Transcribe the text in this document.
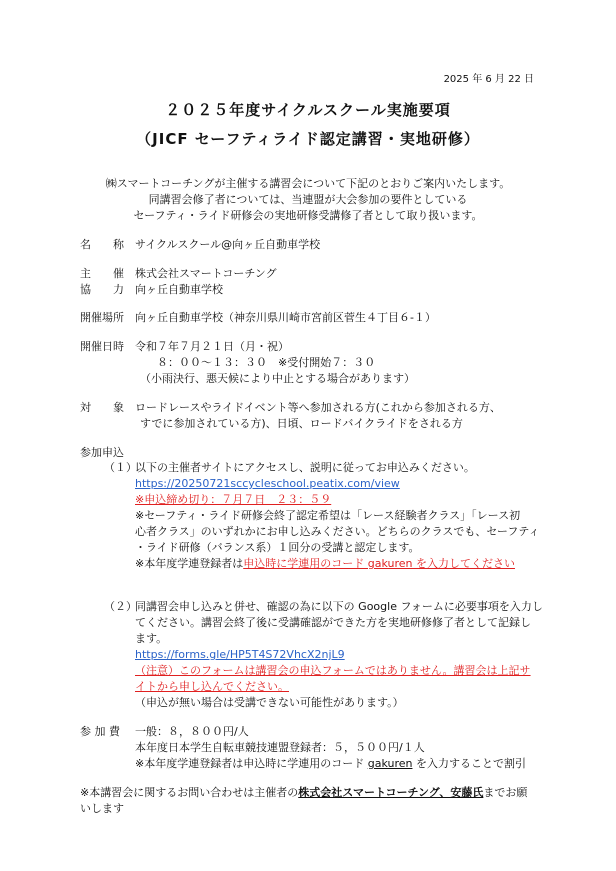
2025 年 6 月 22 日
２０２５年度サイクルスクール実施要項
（JICF セーフティライド認定講習・実地研修）
㈱スマートコーチングが主催する講習会について下記のとおりご案内いたします。
同講習会修了者については、当連盟が大会参加の要件としている
セーフティ・ライド研修会の実地研修受講修了者として取り扱います。
名　　称 サイクルスクール@向ヶ丘自動車学校
主　　催 株式会社スマートコーチング
協　　力 向ヶ丘自動車学校
開催場所 向ヶ丘自動車学校（神奈川県川崎市宮前区菅生４丁目６-１）
開催日時 令和７年７月２１日（月・祝）
８：００～１３：３０　※受付開始７：３０
（小雨決行、悪天候により中止とする場合があります）
対　　象 ロードレースやライドイベント等へ参加される方(これから参加される方、
すでに参加されている方)、日頃、ロードバイクライドをされる方
参加申込
（１）
以下の主催者サイトにアクセスし、説明に従ってお申込みください。
https://20250721sccycleschool.peatix.com/view
※申込締め切り：７月７日　２３：５９
※セーフティ・ライド研修会終了認定希望は「レース経験者クラス」「レース初
心者クラス」のいずれかにお申し込みください。どちらのクラスでも、セーフティ
・ライド研修（バランス系）１回分の受講と認定します。
※本年度学連登録者は申込時に学連用のコード gakuren を入力してください
（２）
同講習会申し込みと併せ、確認の為に以下の Google フォームに必要事項を入力し
てください。講習会終了後に受講確認ができた方を実地研修修了者として記録し
ます。
https://forms.gle/HP5T4S72VhcX2njL9
（注意）このフォームは講習会の申込フォームではありません。講習会は上記サ
イトから申し込んでください。
（申込が無い場合は受講できない可能性があります。）
参 加 費 一般：８，８００円/人
本年度日本学生自転車競技連盟登録者：５，５００円/１人
※本年度学連登録者は申込時に学連用のコード gakuren を入力することで割引
※本講習会に関するお問い合わせは主催者の株式会社スマートコーチング、安藤氏までお願
いします
